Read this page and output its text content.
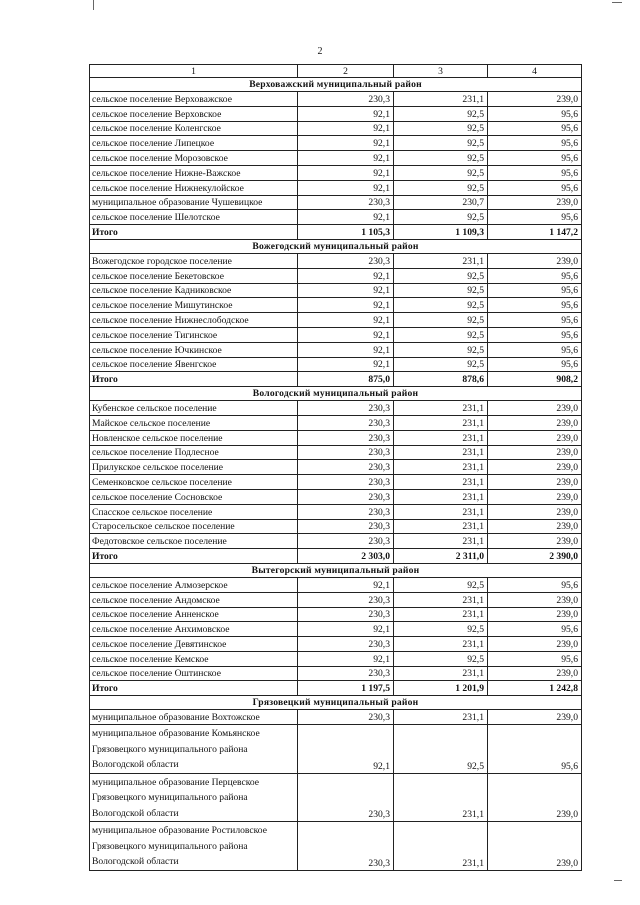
2
1	2	3	4
Верховажский муниципальный район			
сельское поселение Верховажское	230,3	231,1	239,0
сельское поселение Верховское	92,1	92,5	95,6
сельское поселение Коленгское	92,1	92,5	95,6
сельское поселение Липецкое	92,1	92,5	95,6
сельское поселение Морозовское	92,1	92,5	95,6
сельское поселение Нижне-Важское	92,1	92,5	95,6
сельское поселение Нижнекулойское	92,1	92,5	95,6
муниципальное образование Чушевицкое	230,3	230,7	239,0
сельское поселение Шелотское	92,1	92,5	95,6
Итого	1 105,3	1 109,3	1 147,2
Вожегодский муниципальный район			
Вожегодское городское поселение	230,3	231,1	239,0
сельское поселение Бекетовское	92,1	92,5	95,6
сельское поселение Кадниковское	92,1	92,5	95,6
сельское поселение Мишутинское	92,1	92,5	95,6
сельское поселение Нижнеслободское	92,1	92,5	95,6
сельское поселение Тигинское	92,1	92,5	95,6
сельское поселение Ючкинское	92,1	92,5	95,6
сельское поселение Явенгское	92,1	92,5	95,6
Итого	875,0	878,6	908,2
Вологодский муниципальный район			
Кубенское сельское поселение	230,3	231,1	239,0
Майское сельское поселение	230,3	231,1	239,0
Новленское сельское поселение	230,3	231,1	239,0
сельское поселение Подлесное	230,3	231,1	239,0
Прилукское сельское поселение	230,3	231,1	239,0
Семенковское сельское поселение	230,3	231,1	239,0
сельское поселение Сосновское	230,3	231,1	239,0
Спасское сельское поселение	230,3	231,1	239,0
Старосельское сельское поселение	230,3	231,1	239,0
Федотовское сельское поселение	230,3	231,1	239,0
Итого	2 303,0	2 311,0	2 390,0
Вытегорский муниципальный район			
сельское поселение Алмозерское	92,1	92,5	95,6
сельское поселение Андомское	230,3	231,1	239,0
сельское поселение Анненское	230,3	231,1	239,0
сельское поселение Анхимовское	92,1	92,5	95,6
сельское поселение Девятинское	230,3	231,1	239,0
сельское поселение Кемское	92,1	92,5	95,6
сельское поселение Оштинское	230,3	231,1	239,0
Итого	1 197,5	1 201,9	1 242,8
Грязовецкий муниципальный район			
муниципальное образование Вохтожское	230,3	231,1	239,0
муниципальное образование Комьянское Грязовецкого муниципального района Вологодской области	92,1	92,5	95,6
муниципальное образование Перцевское Грязовецкого муниципального района Вологодской области	230,3	231,1	239,0
муниципальное образование Ростиловское Грязовецкого муниципального района Вологодской области	230,3	231,1	239,0
